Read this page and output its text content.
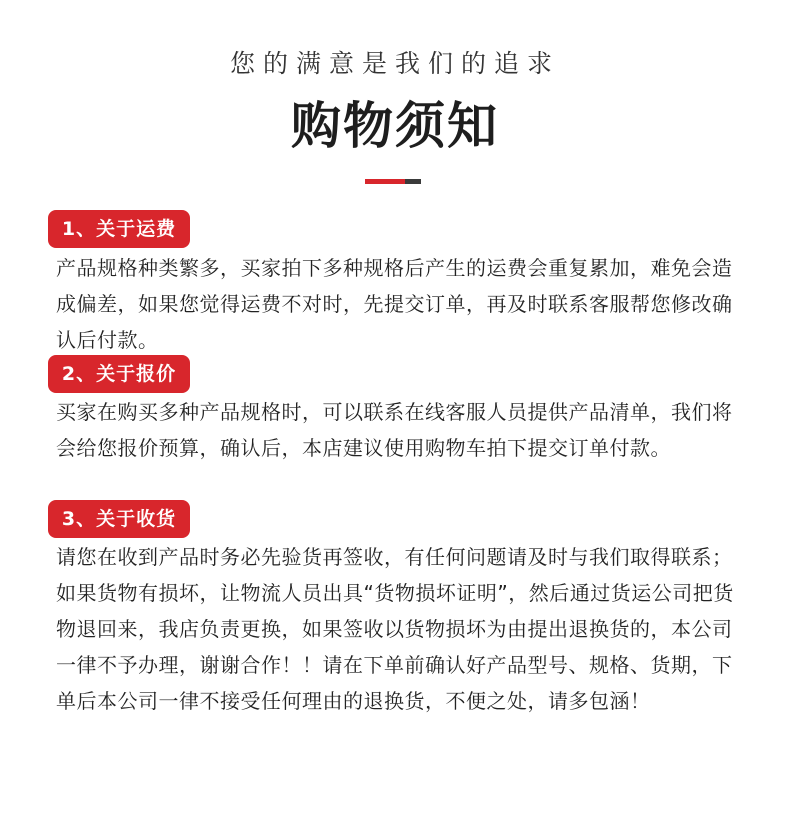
您的满意是我们的追求
购物须知
1、关于运费
产品规格种类繁多，买家拍下多种规格后产生的运费会重复累加，难免会造成偏差，如果您觉得运费不对时，先提交订单，再及时联系客服帮您修改确认后付款。
2、关于报价
买家在购买多种产品规格时，可以联系在线客服人员提供产品清单，我们将会给您报价预算，确认后，本店建议使用购物车拍下提交订单付款。
3、关于收货
请您在收到产品时务必先验货再签收，有任何问题请及时与我们取得联系；如果货物有损坏，让物流人员出具“货物损坏证明”，然后通过货运公司把货物退回来，我店负责更换，如果签收以货物损坏为由提出退换货的，本公司一律不予办理，谢谢合作！！请在下单前确认好产品型号、规格、货期，下单后本公司一律不接受任何理由的退换货，不便之处，请多包涵！
